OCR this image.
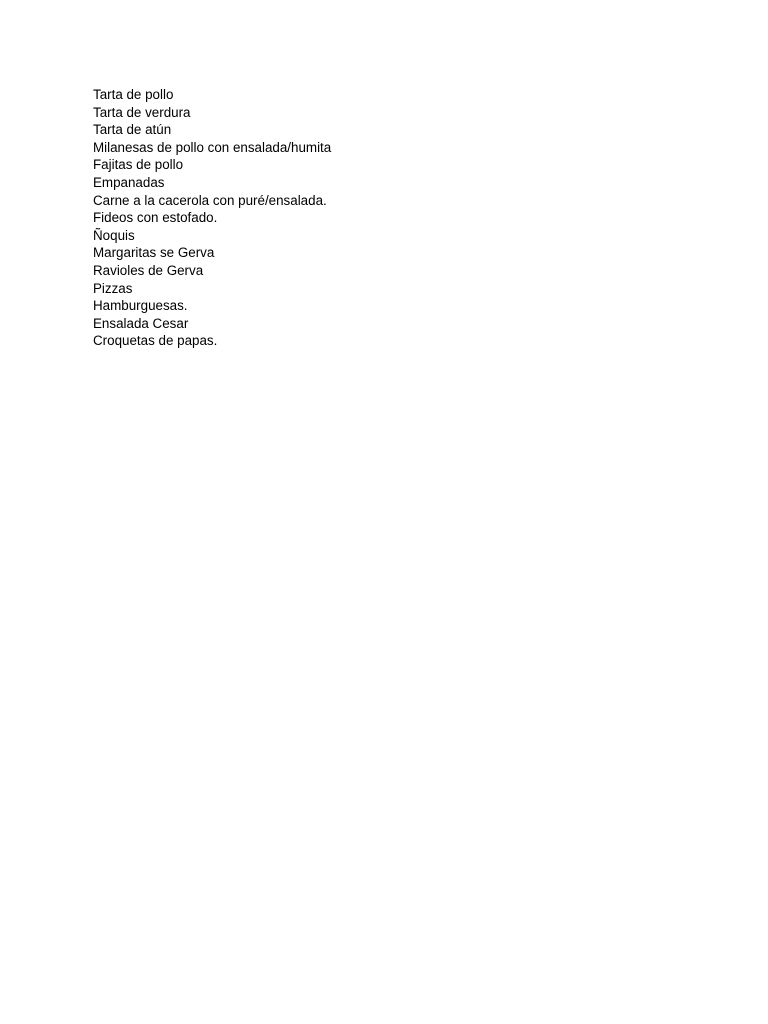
Tarta de pollo
Tarta de verdura
Tarta de atún
Milanesas de pollo con ensalada/humita
Fajitas de pollo
Empanadas
Carne a la cacerola con puré/ensalada.
Fideos con estofado.
Ñoquis
Margaritas se Gerva
Ravioles de Gerva
Pizzas
Hamburguesas.
Ensalada Cesar
Croquetas de papas.
